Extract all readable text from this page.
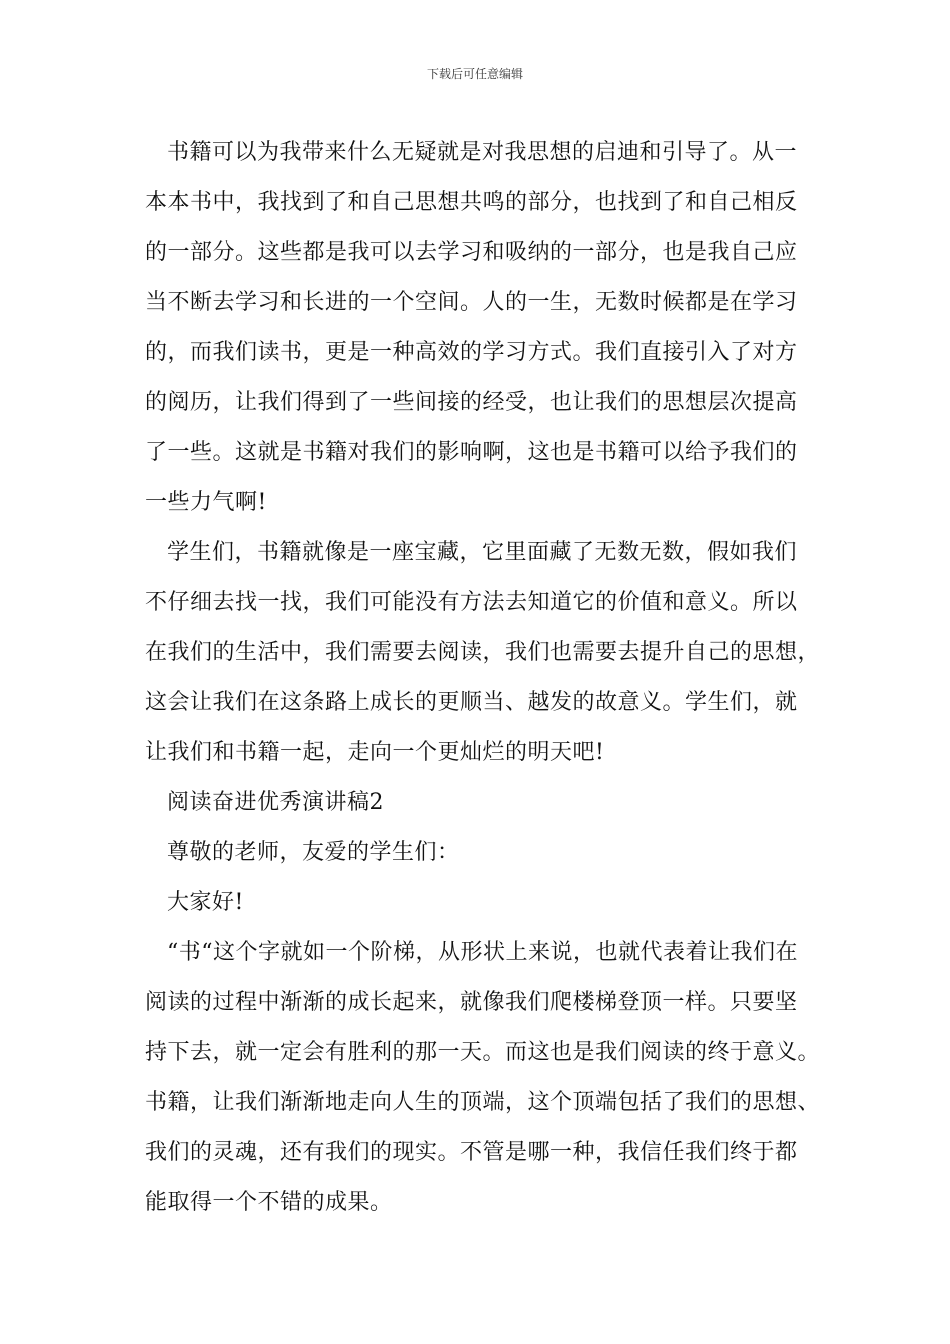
下载后可任意编辑
书籍可以为我带来什么无疑就是对我思想的启迪和引导了。从一
本本书中，我找到了和自己思想共鸣的部分，也找到了和自己相反
的一部分。这些都是我可以去学习和吸纳的一部分，也是我自己应
当不断去学习和长进的一个空间。人的一生，无数时候都是在学习
的，而我们读书，更是一种高效的学习方式。我们直接引入了对方
的阅历，让我们得到了一些间接的经受，也让我们的思想层次提高
了一些。这就是书籍对我们的影响啊，这也是书籍可以给予我们的
一些力气啊!
学生们，书籍就像是一座宝藏，它里面藏了无数无数，假如我们
不仔细去找一找，我们可能没有方法去知道它的价值和意义。所以
在我们的生活中，我们需要去阅读，我们也需要去提升自己的思想，
这会让我们在这条路上成长的更顺当、越发的故意义。学生们，就
让我们和书籍一起，走向一个更灿烂的明天吧!
阅读奋进优秀演讲稿2
尊敬的老师，友爱的学生们：
大家好!
“书“这个字就如一个阶梯，从形状上来说，也就代表着让我们在
阅读的过程中渐渐的成长起来，就像我们爬楼梯登顶一样。只要坚
持下去，就一定会有胜利的那一天。而这也是我们阅读的终于意义。
书籍，让我们渐渐地走向人生的顶端，这个顶端包括了我们的思想、
我们的灵魂，还有我们的现实。不管是哪一种，我信任我们终于都
能取得一个不错的成果。
